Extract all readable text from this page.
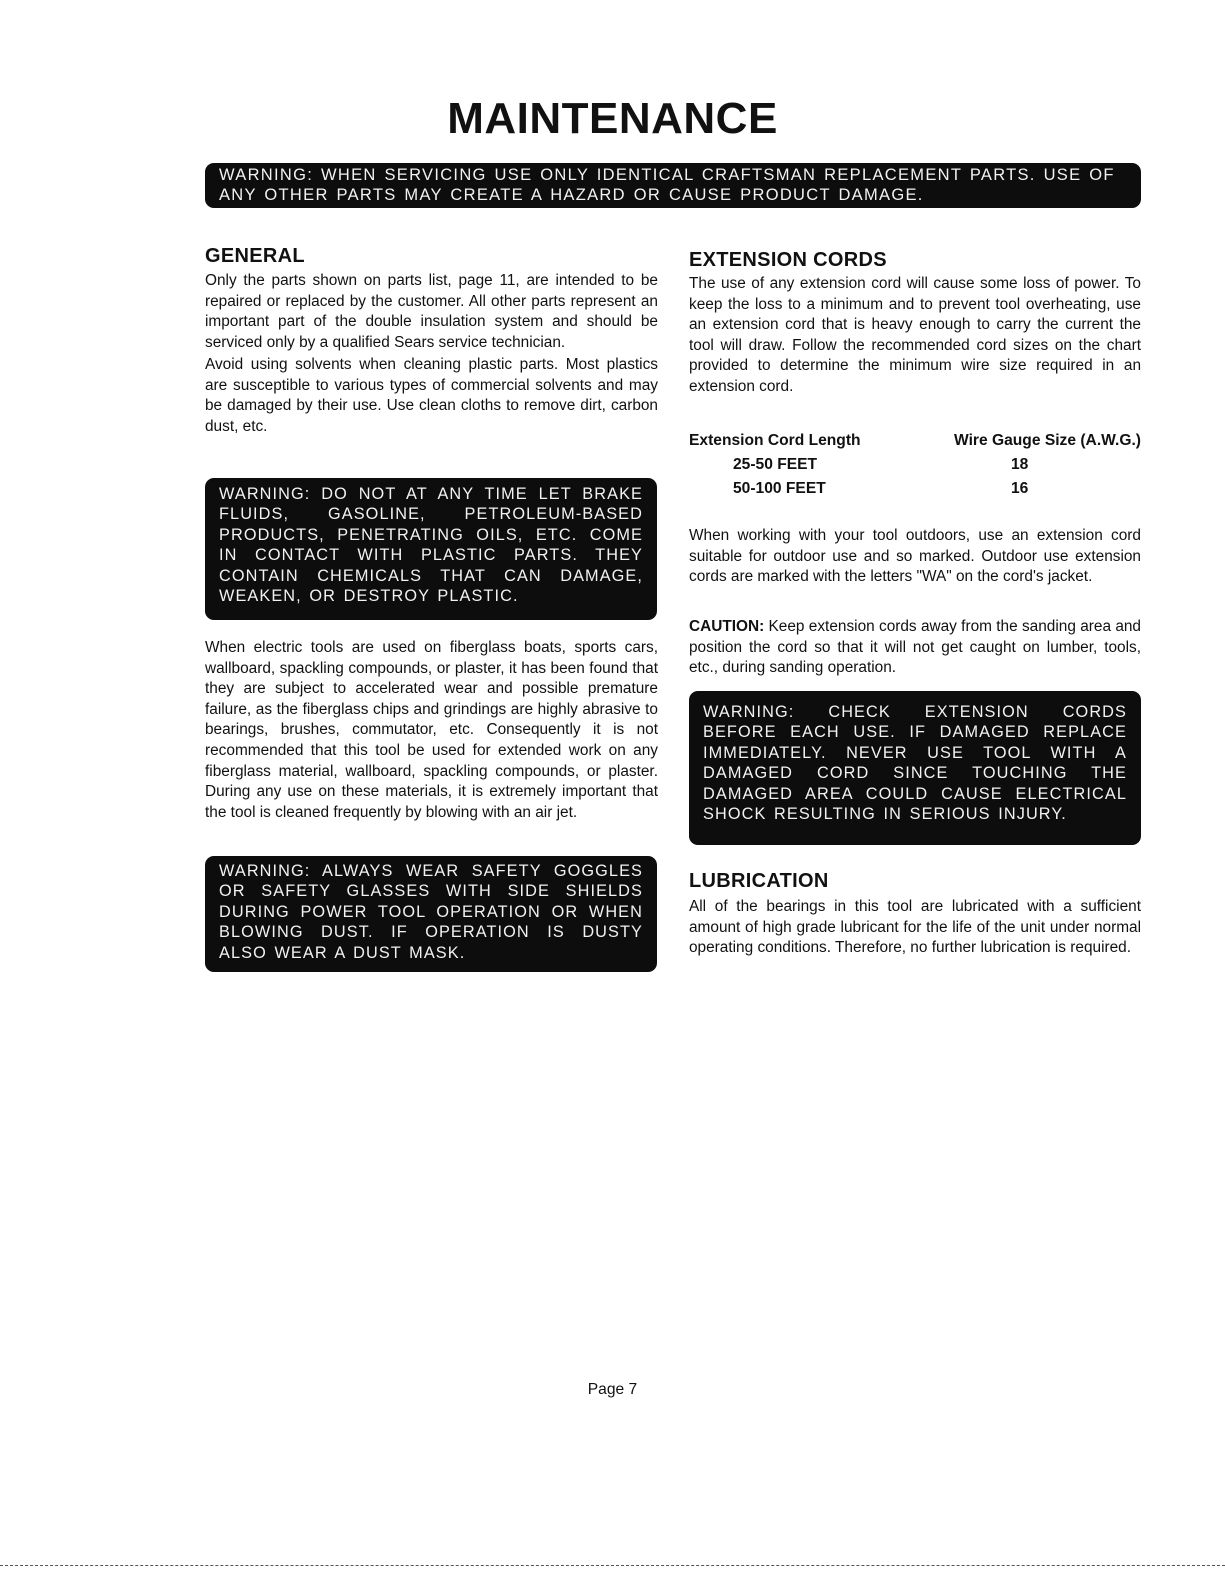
MAINTENANCE
WARNING: WHEN SERVICING USE ONLY IDENTICAL CRAFTSMAN REPLACEMENT PARTS. USE OF ANY OTHER PARTS MAY CREATE A HAZARD OR CAUSE PRODUCT DAMAGE.
GENERAL

Only the parts shown on parts list, page 11, are intended to be repaired or replaced by the customer. All other parts represent an important part of the double insulation system and should be serviced only by a qualified Sears service technician.

Avoid using solvents when cleaning plastic parts. Most plastics are susceptible to various types of commercial solvents and may be damaged by their use. Use clean cloths to remove dirt, carbon dust, etc.

WARNING: DO NOT AT ANY TIME LET BRAKE FLUIDS, GASOLINE, PETROLEUM-BASED PRODUCTS, PENETRATING OILS, ETC. COME IN CONTACT WITH PLASTIC PARTS. THEY CONTAIN CHEMICALS THAT CAN DAMAGE, WEAKEN, OR DESTROY PLASTIC.

When electric tools are used on fiberglass boats, sports cars, wallboard, spackling compounds, or plaster, it has been found that they are subject to accelerated wear and possible premature failure, as the fiberglass chips and grindings are highly abrasive to bearings, brushes, commutator, etc. Consequently it is not recommended that this tool be used for extended work on any fiberglass material, wallboard, spackling compounds, or plaster. During any use on these materials, it is extremely important that the tool is cleaned frequently by blowing with an air jet.

WARNING: ALWAYS WEAR SAFETY GOGGLES OR SAFETY GLASSES WITH SIDE SHIELDS DURING POWER TOOL OPERATION OR WHEN BLOWING DUST. IF OPERATION IS DUSTY ALSO WEAR A DUST MASK.
EXTENSION CORDS

The use of any extension cord will cause some loss of power. To keep the loss to a minimum and to prevent tool overheating, use an extension cord that is heavy enough to carry the current the tool will draw. Follow the recommended cord sizes on the chart provided to determine the minimum wire size required in an extension cord.

Extension Cord Length	Wire Gauge Size (A.W.G.)
25-50 FEET	18
50-100 FEET	16

When working with your tool outdoors, use an extension cord suitable for outdoor use and so marked. Outdoor use extension cords are marked with the letters "WA" on the cord's jacket.

CAUTION: Keep extension cords away from the sanding area and position the cord so that it will not get caught on lumber, tools, etc., during sanding operation.

WARNING: CHECK EXTENSION CORDS BEFORE EACH USE. IF DAMAGED REPLACE IMMEDIATELY. NEVER USE TOOL WITH A DAMAGED CORD SINCE TOUCHING THE DAMAGED AREA COULD CAUSE ELECTRICAL SHOCK RESULTING IN SERIOUS INJURY.
LUBRICATION

All of the bearings in this tool are lubricated with a sufficient amount of high grade lubricant for the life of the unit under normal operating conditions. Therefore, no further lubrication is required.

Page 7
